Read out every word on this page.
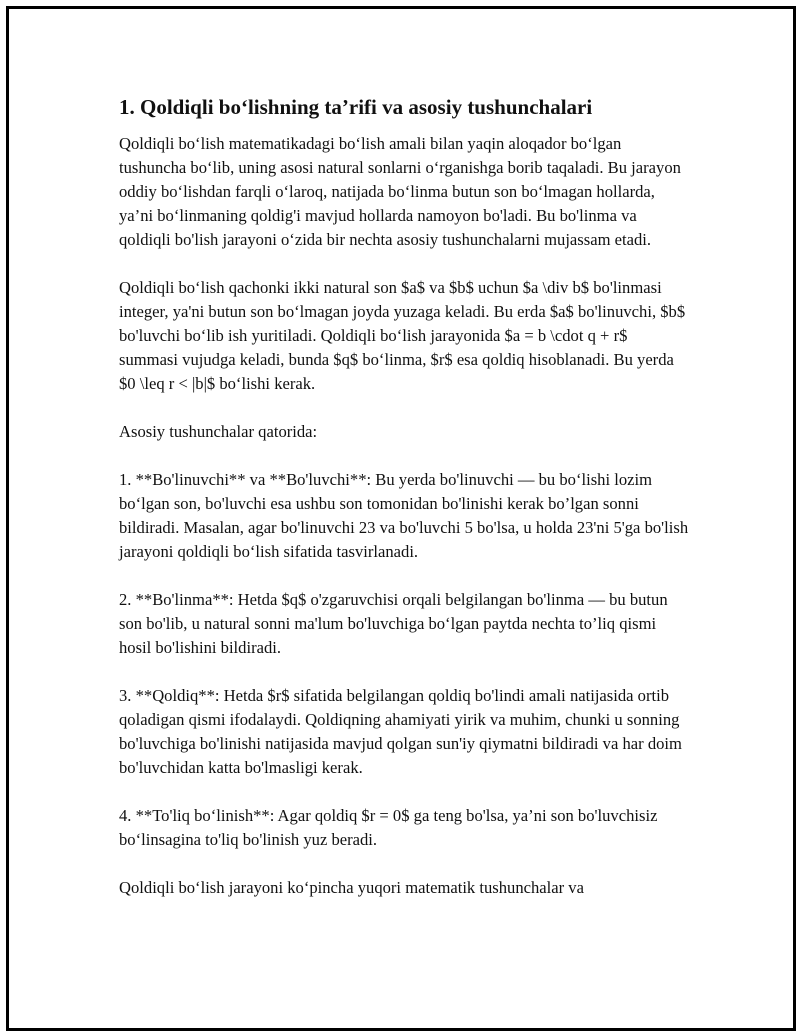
1. Qoldiqli bo‘lishning ta’rifi va asosiy tushunchalari

Qoldiqli bo‘lish matematikadagi bo‘lish amali bilan yaqin aloqador bo‘lgan tushuncha bo‘lib, uning asosi natural sonlarni o‘rganishga borib taqaladi. Bu jarayon oddiy bo‘lishdan farqli o‘laroq, natijada bo‘linma butun son bo‘lmagan hollarda, ya’ni bo‘linmaning qoldig'i mavjud hollarda namoyon bo'ladi. Bu bo'linma va qoldiqli bo'lish jarayoni o‘zida bir nechta asosiy tushunchalarni mujassam etadi.

Qoldiqli bo‘lish qachonki ikki natural son $a$ va $b$ uchun $a \div b$ bo'linmasi integer, ya'ni butun son bo‘lmagan joyda yuzaga keladi. Bu erda $a$ bo'linuvchi, $b$ bo'luvchi bo‘lib ish yuritiladi. Qoldiqli bo‘lish jarayonida $a = b \cdot q + r$ summasi vujudga keladi, bunda $q$ bo‘linma, $r$ esa qoldiq hisoblanadi. Bu yerda $0 \leq r < |b|$ bo‘lishi kerak.

Asosiy tushunchalar qatorida:

1. **Bo'linuvchi** va **Bo'luvchi**: Bu yerda bo'linuvchi — bu bo‘lishi lozim bo‘lgan son, bo'luvchi esa ushbu son tomonidan bo'linishi kerak bo’lgan sonni bildiradi. Masalan, agar bo'linuvchi 23 va bo'luvchi 5 bo'lsa, u holda 23'ni 5'ga bo'lish jarayoni qoldiqli bo‘lish sifatida tasvirlanadi.

2. **Bo'linma**: Hetda $q$ o'zgaruvchisi orqali belgilangan bo'linma — bu butun son bo'lib, u natural sonni ma'lum bo'luvchiga bo‘lgan paytda nechta to’liq qismi hosil bo'lishini bildiradi.

3. **Qoldiq**: Hetda $r$ sifatida belgilangan qoldiq bo'lindi amali natijasida ortib qoladigan qismi ifodalaydi. Qoldiqning ahamiyati yirik va muhim, chunki u sonning bo'luvchiga bo'linishi natijasida mavjud qolgan sun'iy qiymatni bildiradi va har doim bo'luvchidan katta bo'lmasligi kerak.

4. **To'liq bo‘linish**: Agar qoldiq $r = 0$ ga teng bo'lsa, ya’ni son bo'luvchisiz bo‘linsagina to'liq bo'linish yuz beradi.

Qoldiqli bo‘lish jarayoni ko‘pincha yuqori matematik tushunchalar va
